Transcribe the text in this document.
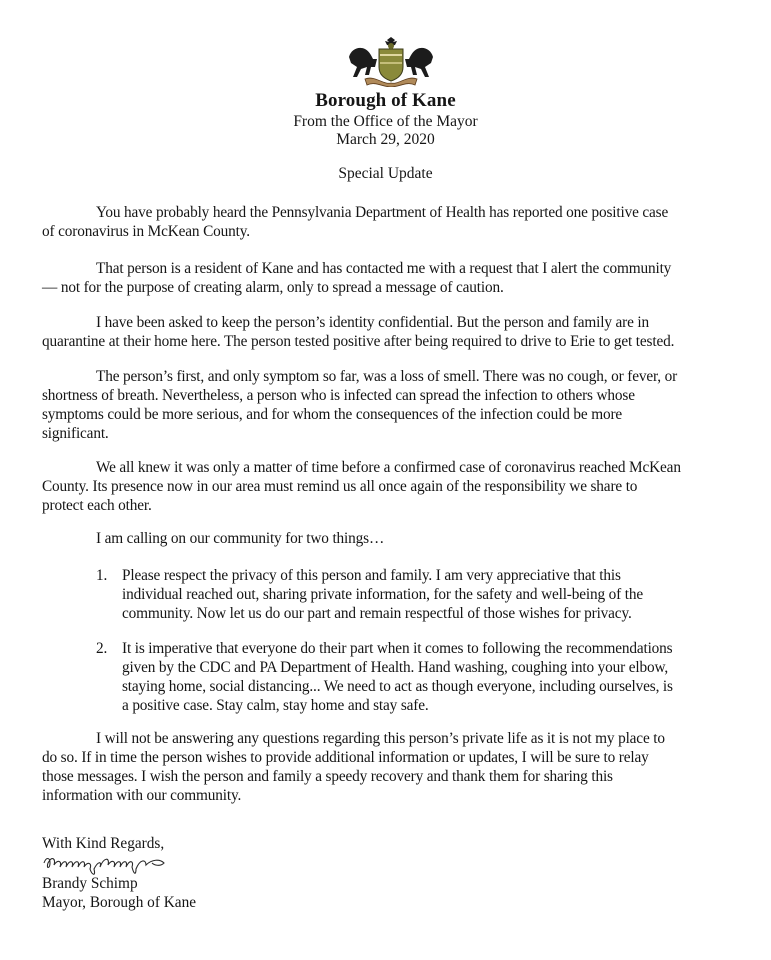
Borough of Kane
From the Office of the Mayor
March 29, 2020
Special Update
You have probably heard the Pennsylvania Department of Health has reported one positive case
of coronavirus in McKean County.
That person is a resident of Kane and has contacted me with a request that I alert the community
— not for the purpose of creating alarm, only to spread a message of caution.
I have been asked to keep the person’s identity confidential. But the person and family are in
quarantine at their home here. The person tested positive after being required to drive to Erie to get tested.
The person’s first, and only symptom so far, was a loss of smell. There was no cough, or fever, or
shortness of breath. Nevertheless, a person who is infected can spread the infection to others whose
symptoms could be more serious, and for whom the consequences of the infection could be more
significant.
We all knew it was only a matter of time before a confirmed case of coronavirus reached McKean
County. Its presence now in our area must remind us all once again of the responsibility we share to
protect each other.
I am calling on our community for two things…
1. Please respect the privacy of this person and family. I am very appreciative that this
individual reached out, sharing private information, for the safety and well-being of the
community. Now let us do our part and remain respectful of those wishes for privacy.
2. It is imperative that everyone do their part when it comes to following the recommendations
given by the CDC and PA Department of Health. Hand washing, coughing into your elbow,
staying home, social distancing... We need to act as though everyone, including ourselves, is
a positive case. Stay calm, stay home and stay safe.
I will not be answering any questions regarding this person’s private life as it is not my place to
do so. If in time the person wishes to provide additional information or updates, I will be sure to relay
those messages. I wish the person and family a speedy recovery and thank them for sharing this
information with our community.
With Kind Regards,
Brandy Schimp
Mayor, Borough of Kane
